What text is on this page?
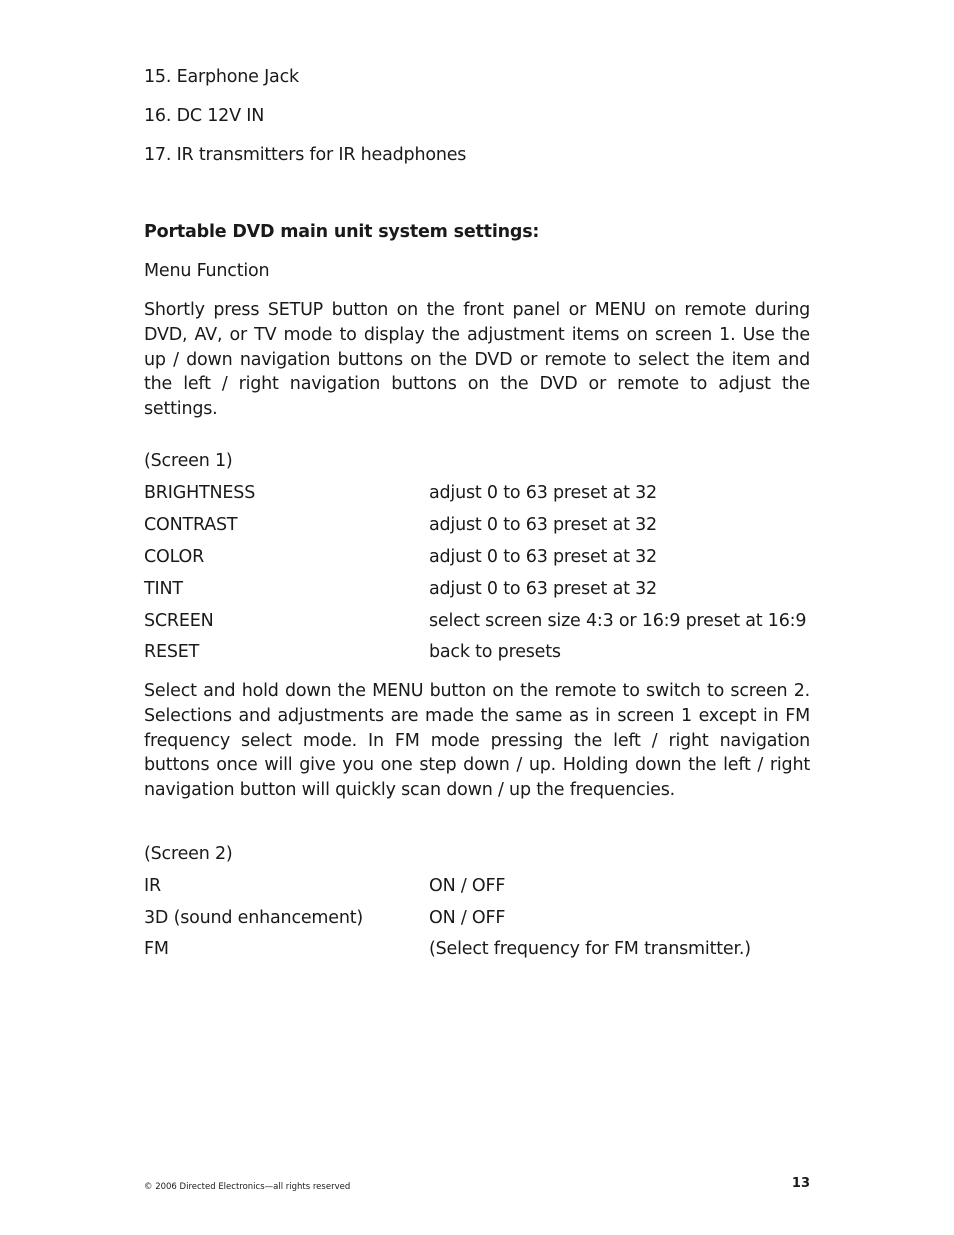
15. Earphone Jack
16. DC 12V IN
17. IR transmitters for IR headphones
Portable DVD main unit system settings:
Menu Function
Shortly press SETUP button on the front panel or MENU on remote during DVD, AV, or TV mode to display the adjustment items on screen 1. Use the up / down navigation buttons on the DVD or remote to select the item and the left / right navigation buttons on the DVD or remote to adjust the settings.
(Screen 1)
BRIGHTNESS	adjust 0 to 63 preset at 32
CONTRAST	adjust 0 to 63 preset at 32
COLOR	adjust 0 to 63 preset at 32
TINT	adjust 0 to 63 preset at 32
SCREEN	select screen size 4:3 or 16:9 preset at 16:9
RESET	back to presets
Select and hold down the MENU button on the remote to switch to screen 2. Selections and adjustments are made the same as in screen 1 except in FM frequency select mode. In FM mode pressing the left / right navigation buttons once will give you one step down / up. Holding down the left / right navigation button will quickly scan down / up the frequencies.
(Screen 2)
IR	ON / OFF
3D (sound enhancement)	ON / OFF
FM	(Select frequency for FM transmitter.)
© 2006 Directed Electronics—all rights reserved	13
